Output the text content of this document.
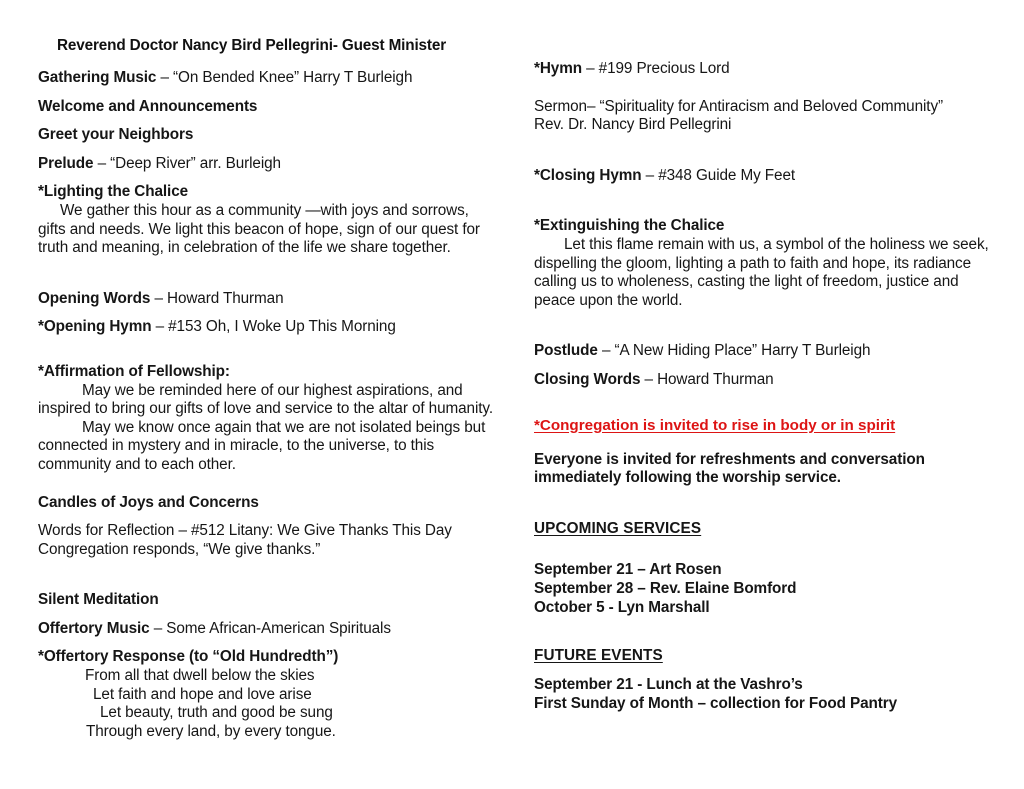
Reverend Doctor Nancy Bird Pellegrini- Guest Minister

Gathering Music – “On Bended Knee” Harry T Burleigh

Welcome and Announcements

Greet your Neighbors

Prelude – “Deep River” arr. Burleigh

*Lighting the Chalice

We gather this hour as a community —with joys and sorrows, gifts and needs. We light this beacon of hope, sign of our quest for truth and meaning, in celebration of the life we share together.

Opening Words – Howard Thurman

*Opening Hymn – #153 Oh, I Woke Up This Morning

*Affirmation of Fellowship:

May we be reminded here of our highest aspirations, and inspired to bring our gifts of love and service to the altar of humanity.

May we know once again that we are not isolated beings but connected in mystery and in miracle, to the universe, to this community and to each other.

Candles of Joys and Concerns

Words for Reflection – #512 Litany: We Give Thanks This Day

Congregation responds, “We give thanks.”

Silent Meditation

Offertory Music – Some African-American Spirituals

*Offertory Response (to “Old Hundredth”)

From all that dwell below the skies

Let faith and hope and love arise

Let beauty, truth and good be sung

Through every land, by every tongue.

*Hymn – #199 Precious Lord

Sermon– “Spirituality for Antiracism and Beloved Community”

Rev. Dr. Nancy Bird Pellegrini

*Closing Hymn – #348 Guide My Feet

*Extinguishing the Chalice

Let this flame remain with us, a symbol of the holiness we seek, dispelling the gloom, lighting a path to faith and hope, its radiance calling us to wholeness, casting the light of freedom, justice and peace upon the world.

Postlude – “A New Hiding Place” Harry T Burleigh

Closing Words – Howard Thurman

*Congregation is invited to rise in body or in spirit

Everyone is invited for refreshments and conversation

immediately following the worship service.

UPCOMING SERVICES

September 21 – Art Rosen

September 28 – Rev. Elaine Bomford

October 5 - Lyn Marshall

FUTURE EVENTS

September 21 - Lunch at the Vashro’s

First Sunday of Month – collection for Food Pantry
